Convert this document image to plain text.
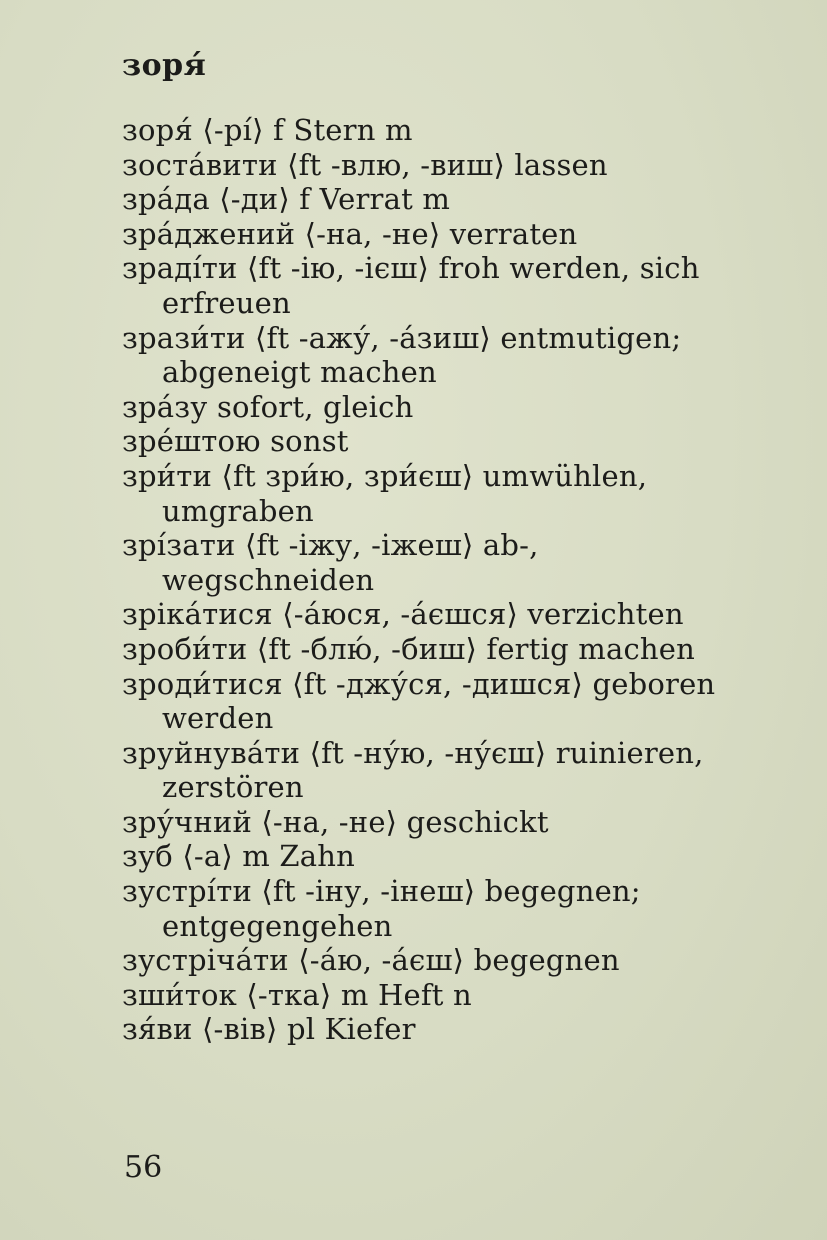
зоря́
зоря́ ⟨-рі́⟩ f Stern m
зоста́вити ⟨ft -влю, -виш⟩ lassen
зра́да ⟨-ди⟩ f Verrat m
зра́джений ⟨-на, -не⟩ verraten
зраді́ти ⟨ft -ію, -ієш⟩ froh werden, sich erfreuen
зрази́ти ⟨ft -ажу́, -а́зиш⟩ entmutigen; abgeneigt machen
зра́зу sofort, gleich
зре́штою sonst
зри́ти ⟨ft зри́ю, зри́єш⟩ umwühlen, umgraben
зрі́зати ⟨ft -іжу, -іжеш⟩ ab-, wegschneiden
зріка́тися ⟨-а́юся, -а́єшся⟩ verzichten
зроби́ти ⟨ft -блю́, -биш⟩ fertig machen
зроди́тися ⟨ft -джу́ся, -дишся⟩ geboren werden
зруйнува́ти ⟨ft -ну́ю, -ну́єш⟩ ruinieren, zerstören
зру́чний ⟨-на, -не⟩ geschickt
зуб ⟨-а⟩ m Zahn
зустрі́ти ⟨ft -іну, -інеш⟩ begegnen; entgegengehen
зустріча́ти ⟨-а́ю, -а́єш⟩ begegnen
зши́ток ⟨-тка⟩ m Heft n
зя́ви ⟨-вів⟩ pl Kiefer
56
